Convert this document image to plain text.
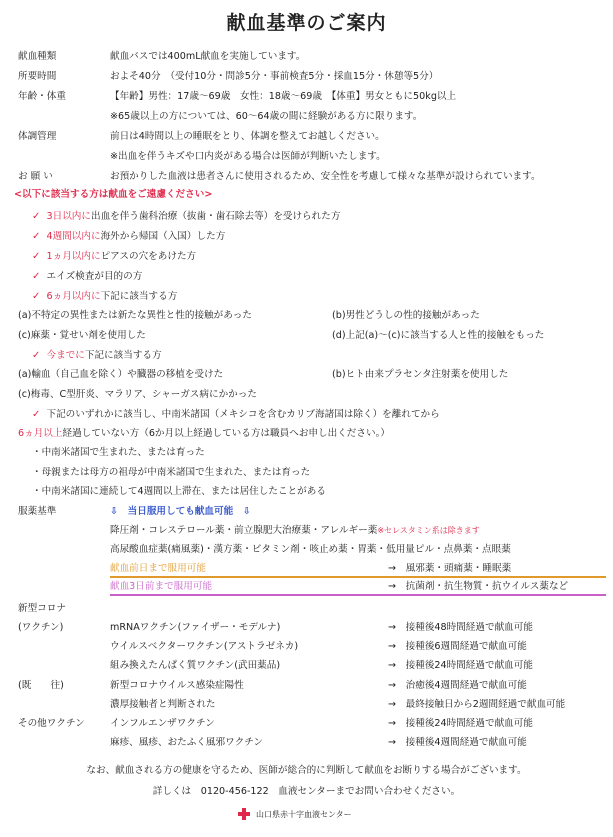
献血基準のご案内
献血種類	献血バスでは400mL献血を実施しています。
所要時間	およそ40分　（受付10分・問診5分・事前検査5分・採血15分・休憩等5分）
年齢・体重	【年齢】男性：17歳～69歳　女性：18歳～69歳　【体重】男女ともに50kg以上
※65歳以上の方については、60～64歳の間に経験がある方に限ります。
体調管理	前日は4時間以上の睡眠をとり、体調を整えてお越しください。
※出血を伴うキズや口内炎がある場合は医師が判断いたします。
お 願 い	お預かりした血液は患者さんに使用されるため、安全性を考慮して様々な基準が設けられています。
<以下に該当する方は献血をご遠慮ください>
✓ 3日以内に出血を伴う歯科治療（抜歯・歯石除去等）を受けられた方
✓ 4週間以内に海外から帰国（入国）した方
✓ 1ヵ月以内にピアスの穴をあけた方
✓ エイズ検査が目的の方
✓ 6ヵ月以内に下記に該当する方
(a)不特定の異性または新たな異性と性的接触があった	(b)男性どうしの性的接触があった
(c)麻薬・覚せい剤を使用した	(d)上記(a)～(c)に該当する人と性的接触をもった
✓ 今までに下記に該当する方
(a)輸血（自己血を除く）や臓器の移植を受けた	(b)ヒト由来プラセンタ注射薬を使用した
(c)梅毒、C型肝炎、マラリア、シャーガス病にかかった
✓ 下記のいずれかに該当し、中南米諸国（メキシコを含むカリブ海諸国は除く）を離れてから
6ヵ月以上経過していない方（6か月以上経過している方は職員へお申し出ください。）
・中南米諸国で生まれた、または育った
・母親または母方の祖母が中南米諸国で生まれた、または育った
・中南米諸国に連続して4週間以上滞在、または居住したことがある
服薬基準	⇩　当日服用しても献血可能　⇩
降圧剤・コレステロール薬・前立腺肥大治療薬・アレルギー薬※セレスタミン系は除きます
高尿酸血症薬(痛風薬)・漢方薬・ビタミン剤・咳止め薬・胃薬・低用量ピル・点鼻薬・点眼薬
献血前日まで服用可能	→　風邪薬・頭痛薬・睡眠薬
献血3日前まで服用可能	→　抗菌剤・抗生物質・抗ウイルス薬など
新型コロナ
(ワクチン)	mRNAワクチン(ファイザー・モデルナ)	→　接種後48時間経過で献血可能
ウイルスベクターワクチン(アストラゼネカ)	→　接種後6週間経過で献血可能
組み換えたんぱく質ワクチン(武田薬品)	→　接種後24時間経過で献血可能
(既　　往)	新型コロナウイルス感染症陽性	→　治癒後4週間経過で献血可能
濃厚接触者と判断された	→　最終接触日から2週間経過で献血可能
その他ワクチン	インフルエンザワクチン	→　接種後24時間経過で献血可能
麻疹、風疹、おたふく風邪ワクチン	→　接種後4週間経過で献血可能
なお、献血される方の健康を守るため、医師が総合的に判断して献血をお断りする場合がございます。
詳しくは　0120-456-122　血液センターまでお問い合わせください。
山口県赤十字血液センター
